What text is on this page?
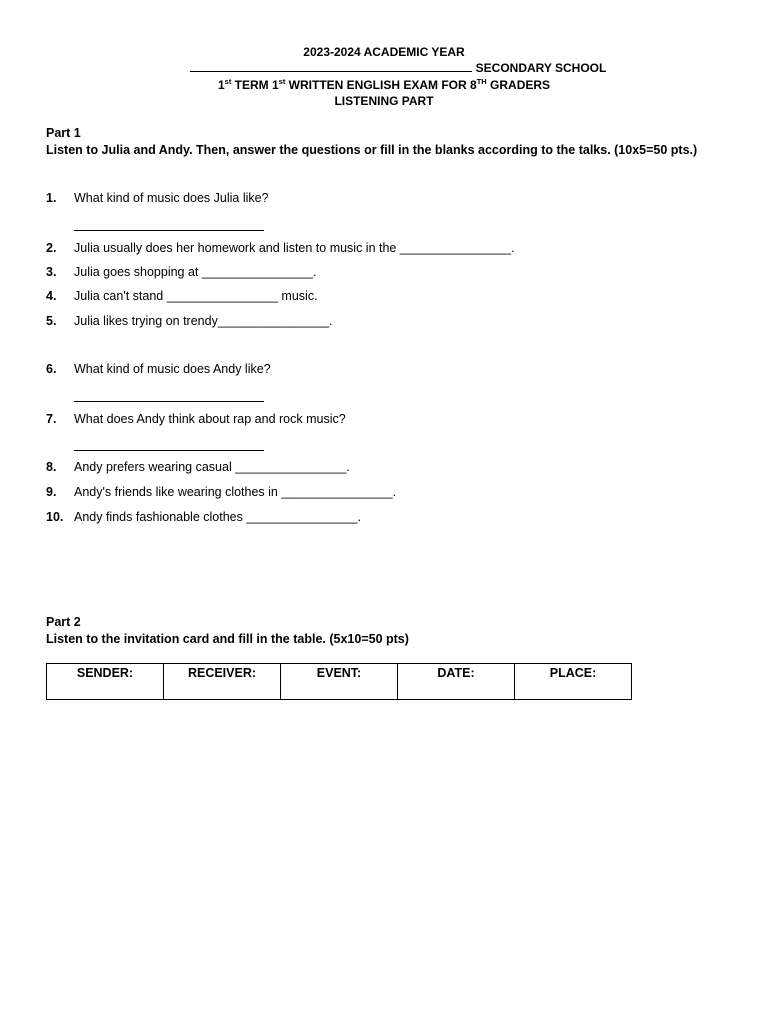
2023-2024 ACADEMIC YEAR
SECONDARY SCHOOL
1st TERM 1st WRITTEN ENGLISH EXAM FOR 8TH GRADERS
LISTENING PART
Part 1
Listen to Julia and Andy. Then, answer the questions or fill in the blanks according to the talks. (10x5=50 pts.)
1. What kind of music does Julia like?
2. Julia usually does her homework and listen to music in the ________________.
3. Julia goes shopping at ________________.
4. Julia can't stand ________________ music.
5. Julia likes trying on trendy________________.
6. What kind of music does Andy like?
7. What does Andy think about rap and rock music?
8. Andy prefers wearing casual ________________.
9. Andy's friends like wearing clothes in ________________.
10. Andy finds fashionable clothes ________________.
Part 2
Listen to the invitation card and fill in the table. (5x10=50 pts)
SENDER:	RECEIVER:	EVENT:	DATE:	PLACE:
